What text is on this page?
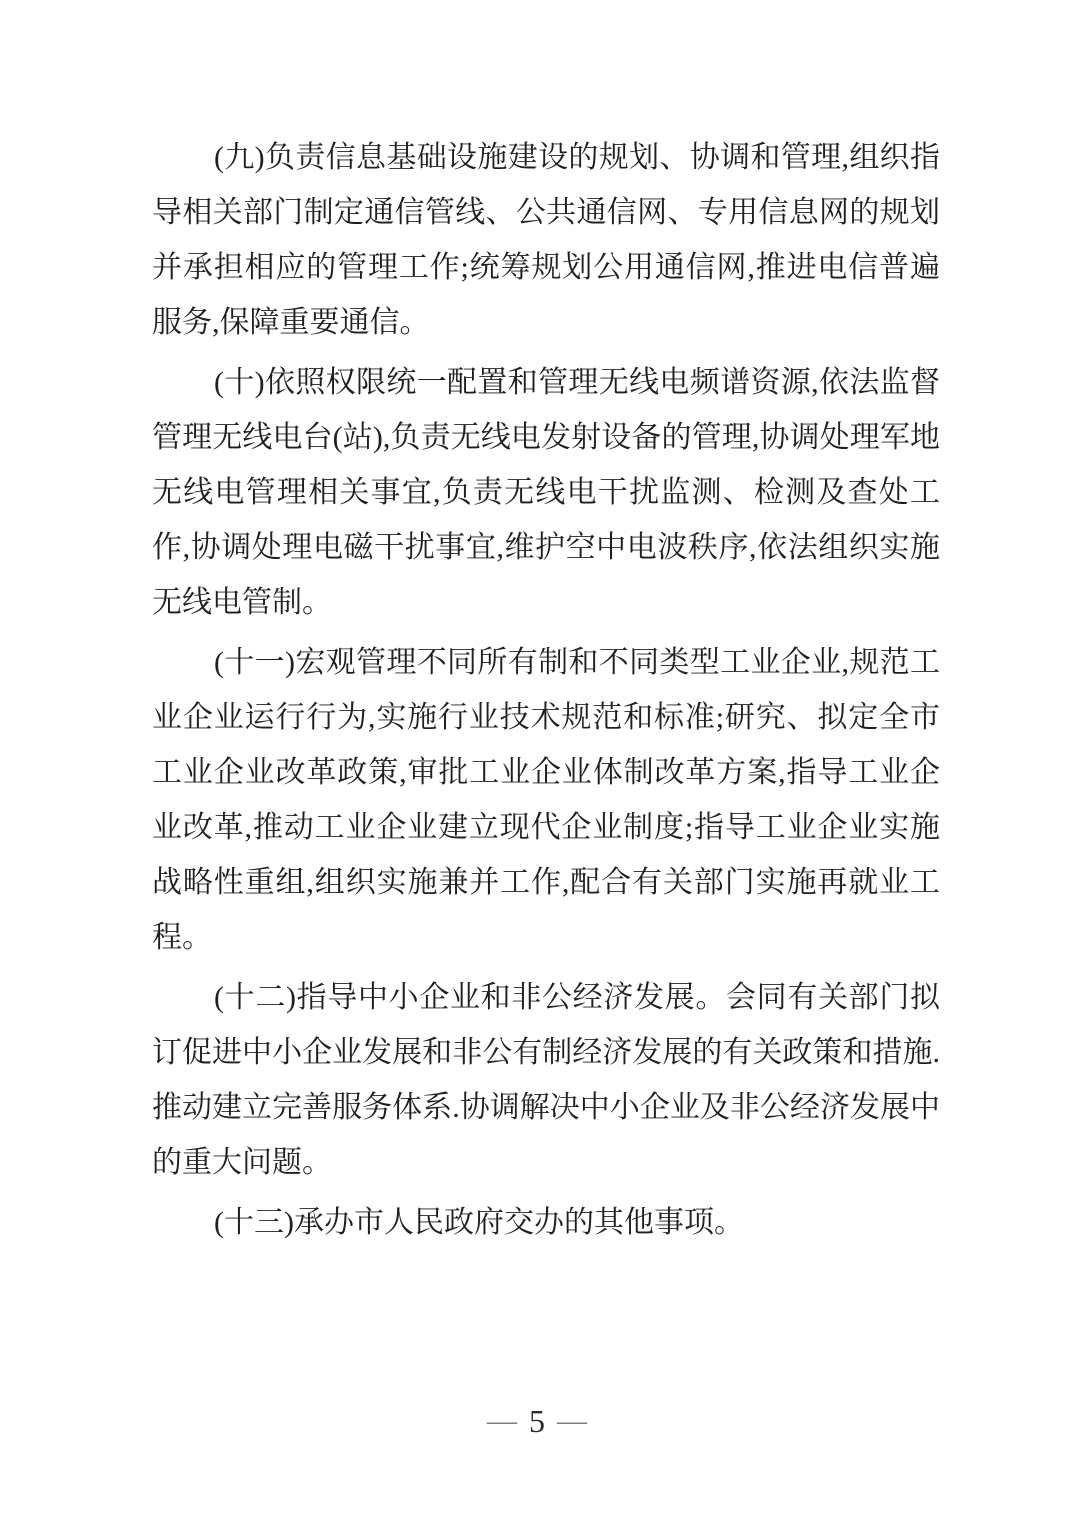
(九)负责信息基础设施建设的规划、协调和管理,组织指导相关部门制定通信管线、公共通信网、专用信息网的规划并承担相应的管理工作;统筹规划公用通信网,推进电信普遍服务,保障重要通信。

(十)依照权限统一配置和管理无线电频谱资源,依法监督管理无线电台(站),负责无线电发射设备的管理,协调处理军地无线电管理相关事宜,负责无线电干扰监测、检测及查处工作,协调处理电磁干扰事宜,维护空中电波秩序,依法组织实施无线电管制。

(十一)宏观管理不同所有制和不同类型工业企业,规范工业企业运行行为,实施行业技术规范和标准;研究、拟定全市工业企业改革政策,审批工业企业体制改革方案,指导工业企业改革,推动工业企业建立现代企业制度;指导工业企业实施战略性重组,组织实施兼并工作,配合有关部门实施再就业工程。

(十二)指导中小企业和非公经济发展。会同有关部门拟订促进中小企业发展和非公有制经济发展的有关政策和措施.推动建立完善服务体系.协调解决中小企业及非公经济发展中的重大问题。

(十三)承办市人民政府交办的其他事项。

— 5 —
